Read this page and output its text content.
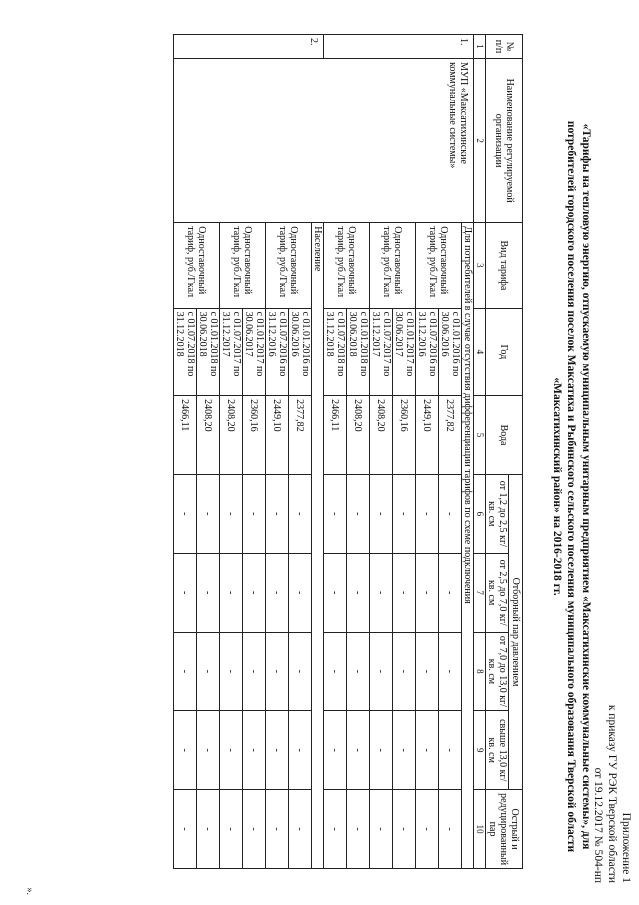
Приложение 1
к приказу ГУ РЭК Тверской области
от 19.12.2017 № 504-нп
«Тарифы на тепловую энергию, отпускаемую муниципальным унитарным предприятием «Максатихинские коммунальные системы», для
потребителей городского поселения поселок Максатиха и Рыбинского сельского поселения муниципального образования Тверской области
«Максатихинский район» на 2016-2018 гг.
№ п/п	Наименование регулируемой организации	Вид тарифа	Год	Вода	Отборный пар давлением				Острый и редуцированный пар
					от 1,2 до 2,5 кг/кв. см	от 2,5 до 7,0 кг/кв. см	от 7,0 до 13,0 кг/кв. см	свыше 13,0 кг/кв. см	
1	2	3	4	5	6	7	8	9	10
1.	МУП «Максатихинские коммунальные системы»	Для потребителей в случае отсутствия дифференциации тарифов по схеме подключения							
		Одноставочный тариф, руб./Гкал	с 01.01.2016 по 30.06.2016	2377,82	-	-	-	-	-
			с 01.07.2016 по 31.12.2016	2449,10	-	-	-	-	-
		Одноставочный тариф, руб./Гкал	с 01.01.2017 по 30.06.2017	2360,16	-	-	-	-	-
			с 01.07.2017 по 31.12.2017	2408,20	-	-	-	-	-
		Одноставочный тариф, руб./Гкал	с 01.01.2018 по 30.06.2018	2408,20	-	-	-	-	-
			с 01.07.2018 по 31.12.2018	2466,11	-	-	-	-	-
2.		Население							
		Одноставочный тариф, руб./Гкал	с 01.01.2016 по 30.06.2016	2377,82	-	-	-	-	-
			с 01.07.2016 по 31.12.2016	2449,10	-	-	-	-	-
		Одноставочный тариф, руб./Гкал	с 01.01.2017 по 30.06.2017	2360,16	-	-	-	-	-
			с 01.07.2017 по 31.12.2017	2408,20	-	-	-	-	-
		Одноставочный тариф, руб./Гкал	с 01.01.2018 по 30.06.2018	2408,20	-	-	-	-	-
			с 01.07.2018 по 31.12.2018	2466,11	-	-	-	-	-
».
